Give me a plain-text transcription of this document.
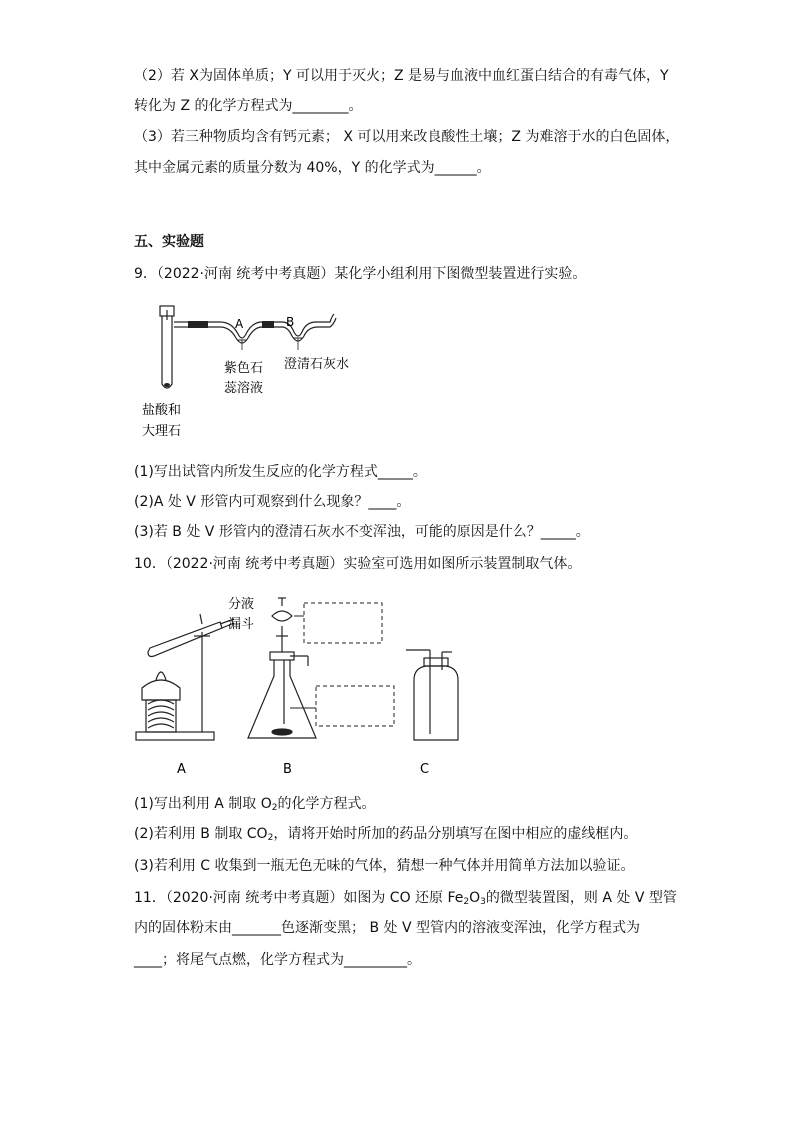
（2）若 X为固体单质；Y 可以用于灭火；Z 是易与血液中血红蛋白结合的有毒气体，Y
转化为 Z 的化学方程式为________。
（3）若三种物质均含有钙元素； X 可以用来改良酸性土壤；Z 为难溶于水的白色固体，
其中金属元素的质量分数为 40%，Y 的化学式为______。
五、实验题
9．（2022·河南 统考中考真题）某化学小组利用下图微型装置进行实验。
A	B
紫色石
蕊溶液
澄清石灰水
盐酸和
大理石
(1)写出试管内所发生反应的化学方程式_____。
(2)A 处 V 形管内可观察到什么现象？____。
(3)若 B 处 V 形管内的澄清石灰水不变浑浊，可能的原因是什么？_____。
10．（2022·河南 统考中考真题）实验室可选用如图所示装置制取气体。
分液
漏斗
A	B	C
(1)写出利用 A 制取 $O_2$的化学方程式。
(2)若利用 B 制取 $CO_2$，请将开始时所加的药品分别填写在图中相应的虚线框内。
(3)若利用 C 收集到一瓶无色无味的气体，猜想一种气体并用简单方法加以验证。
11．（2020·河南 统考中考真题）如图为 CO 还原 $Fe_2O_3$的微型装置图，则 A 处 V 型管
内的固体粉末由_______色逐渐变黑； B 处 V 型管内的溶液变浑浊，化学方程式为
____；将尾气点燃，化学方程式为_________。
